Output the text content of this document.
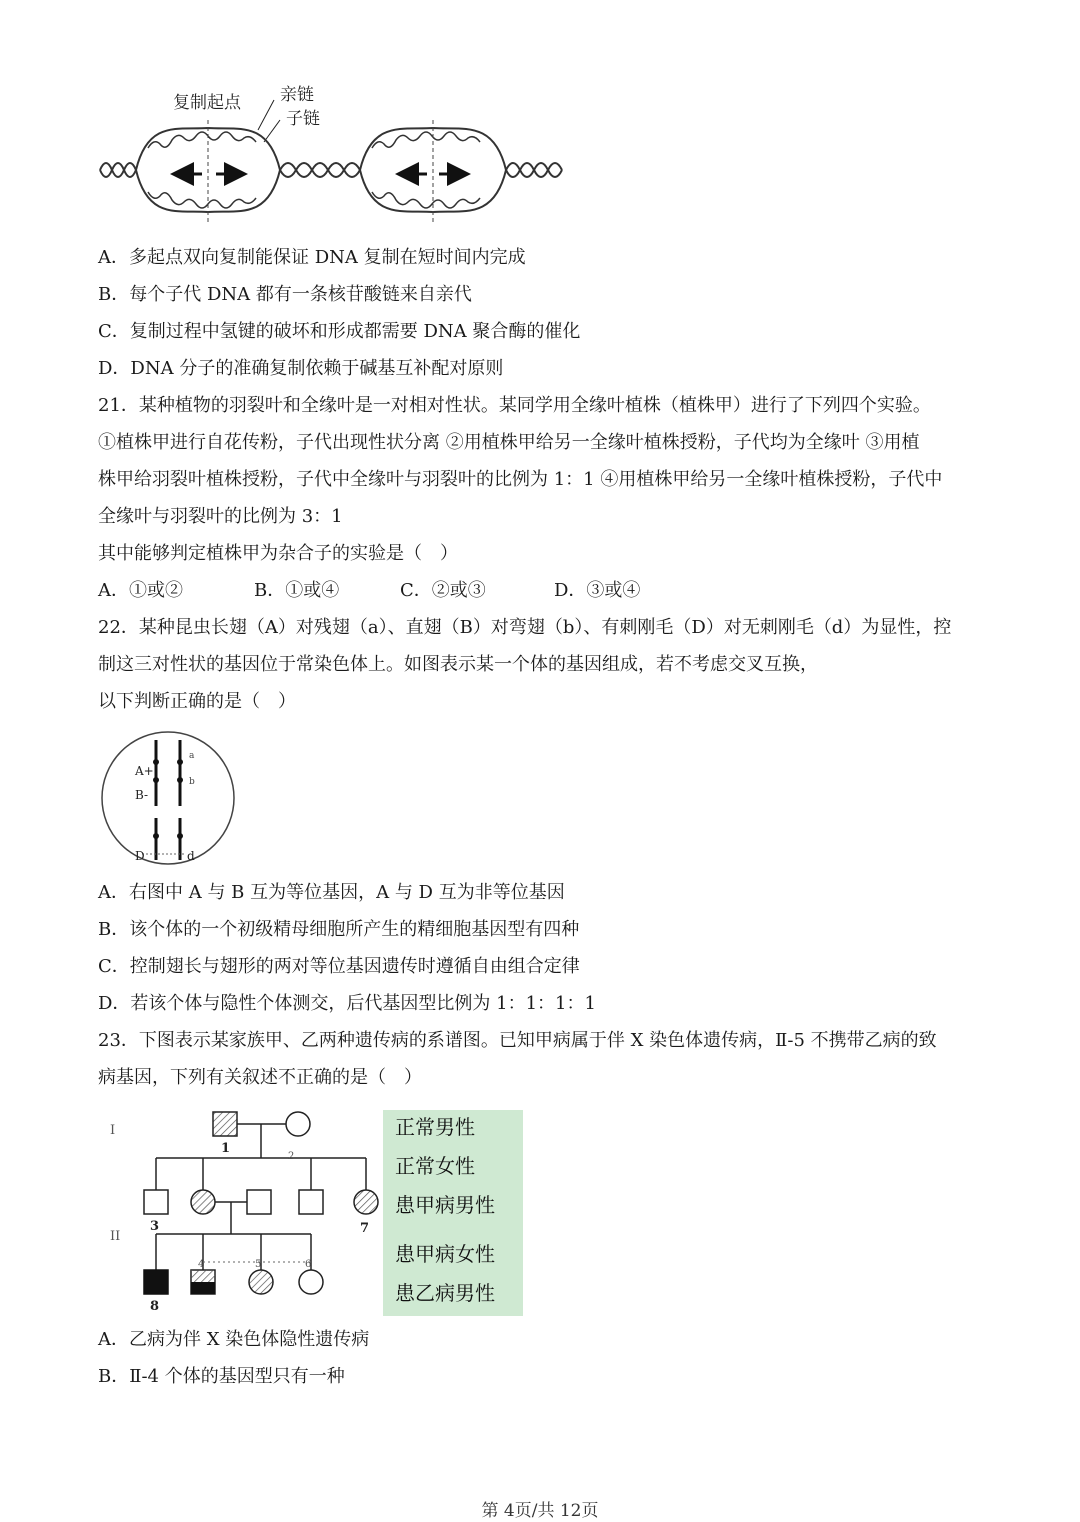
复制起点 亲链
子链
A．多起点双向复制能保证 DNA 复制在短时间内完成
B．每个子代 DNA 都有一条核苷酸链来自亲代
C．复制过程中氢键的破坏和形成都需要 DNA 聚合酶的催化
D．DNA 分子的准确复制依赖于碱基互补配对原则
21．某种植物的羽裂叶和全缘叶是一对相对性状。某同学用全缘叶植株（植株甲）进行了下列四个实验。
①植株甲进行自花传粉，子代出现性状分离 ②用植株甲给另一全缘叶植株授粉，子代均为全缘叶 ③用植
株甲给羽裂叶植株授粉，子代中全缘叶与羽裂叶的比例为 1：1 ④用植株甲给另一全缘叶植株授粉，子代中
全缘叶与羽裂叶的比例为 3：1
其中能够判定植株甲为杂合子的实验是（　）
A．①或②	B．①或④	C．②或③	D．③或④
22．某种昆虫长翅（A）对残翅（a）、直翅（B）对弯翅（b）、有刺刚毛（D）对无刺刚毛（d）为显性，控
制这三对性状的基因位于常染色体上。如图表示某一个体的基因组成，若不考虑交叉互换，
以下判断正确的是（　）
A+
B-
a
b
D	d
A．右图中 A 与 B 互为等位基因，A 与 D 互为非等位基因
B．该个体的一个初级精母细胞所产生的精细胞基因型有四种
C．控制翅长与翅形的两对等位基因遗传时遵循自由组合定律
D．若该个体与隐性个体测交，后代基因型比例为 1：1：1：1
23．下图表示某家族甲、乙两种遗传病的系谱图。已知甲病属于伴 X 染色体遗传病，Ⅱ-5 不携带乙病的致
病基因，下列有关叙述不正确的是（　）
I
II
1
2
3	7
4	5	6
8
正常男性
正常女性
患甲病男性
患甲病女性
患乙病男性
A．乙病为伴 X 染色体隐性遗传病
B．Ⅱ-4 个体的基因型只有一种
第 4页/共 12页
